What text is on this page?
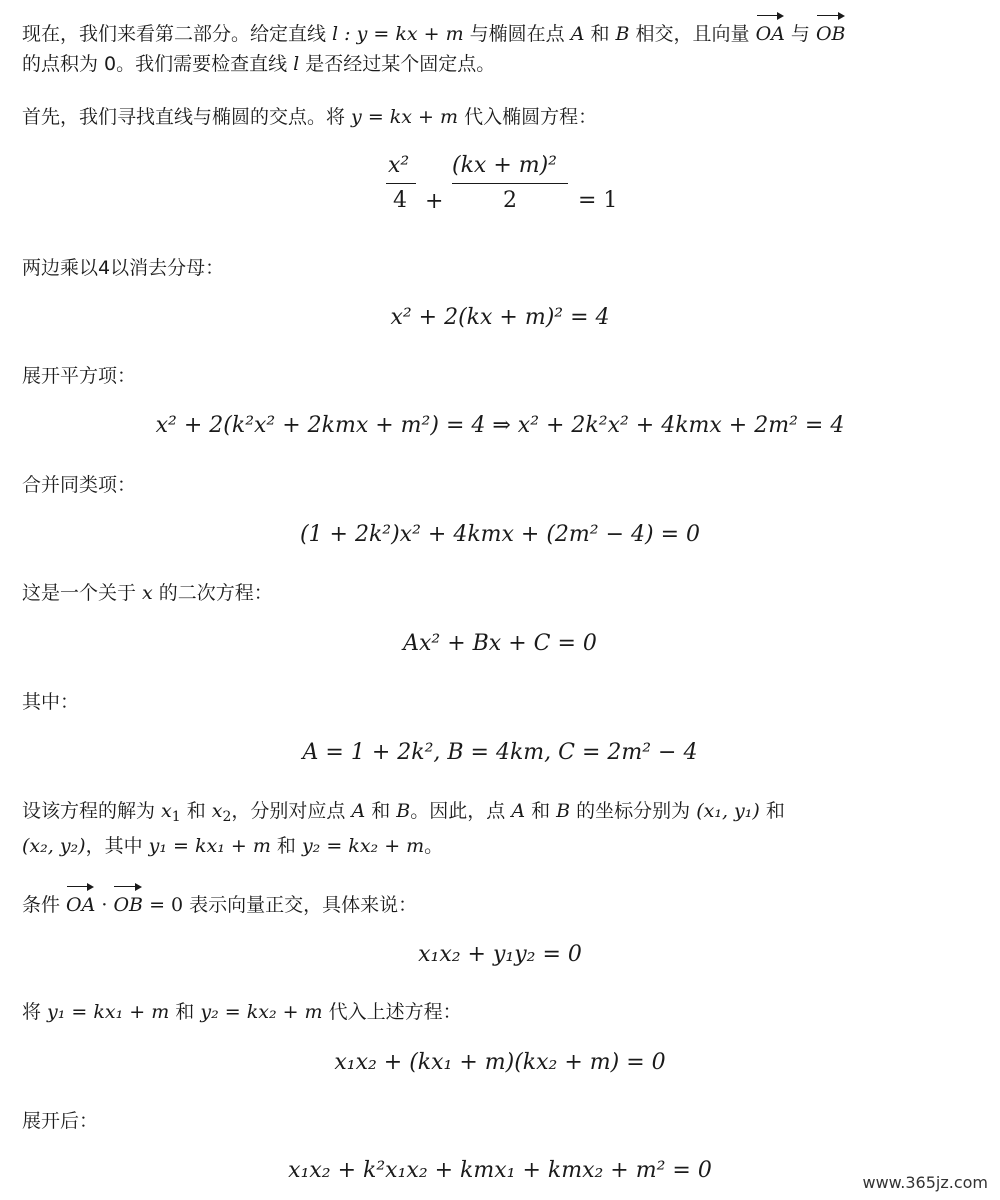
现在，我们来看第二部分。给定直线 l : y = kx + m 与椭圆在点 A 和 B 相交，且向量 OA 与 OB
的点积为 0。我们需要检查直线 l 是否经过某个固定点。
首先，我们寻找直线与椭圆的交点。将 y = kx + m 代入椭圆方程：
x²
4 +
(kx + m)²
2	= 1
两边乘以4以消去分母：
x² + 2(kx + m)² = 4
展开平方项：
x² + 2(k²x² + 2kmx + m²) = 4 ⇒ x² + 2k²x² + 4kmx + 2m² = 4
合并同类项：
(1 + 2k²)x² + 4kmx + (2m² − 4) = 0
这是一个关于 x 的二次方程：
Ax² + Bx + C = 0
其中：
A = 1 + 2k², B = 4km, C = 2m² − 4
设该方程的解为 $x_1$ 和 $x_2$，分别对应点 A 和 B。因此，点 A 和 B 的坐标分别为 (x₁, y₁) 和
(x₂, y₂)，其中 y₁ = kx₁ + m 和 y₂ = kx₂ + m。
条件 OA · OB = 0 表示向量正交，具体来说：
x₁x₂ + y₁y₂ = 0
将 y₁ = kx₁ + m 和 y₂ = kx₂ + m 代入上述方程：
x₁x₂ + (kx₁ + m)(kx₂ + m) = 0
展开后：
x₁x₂ + k²x₁x₂ + kmx₁ + kmx₂ + m² = 0	www.365jz.com
